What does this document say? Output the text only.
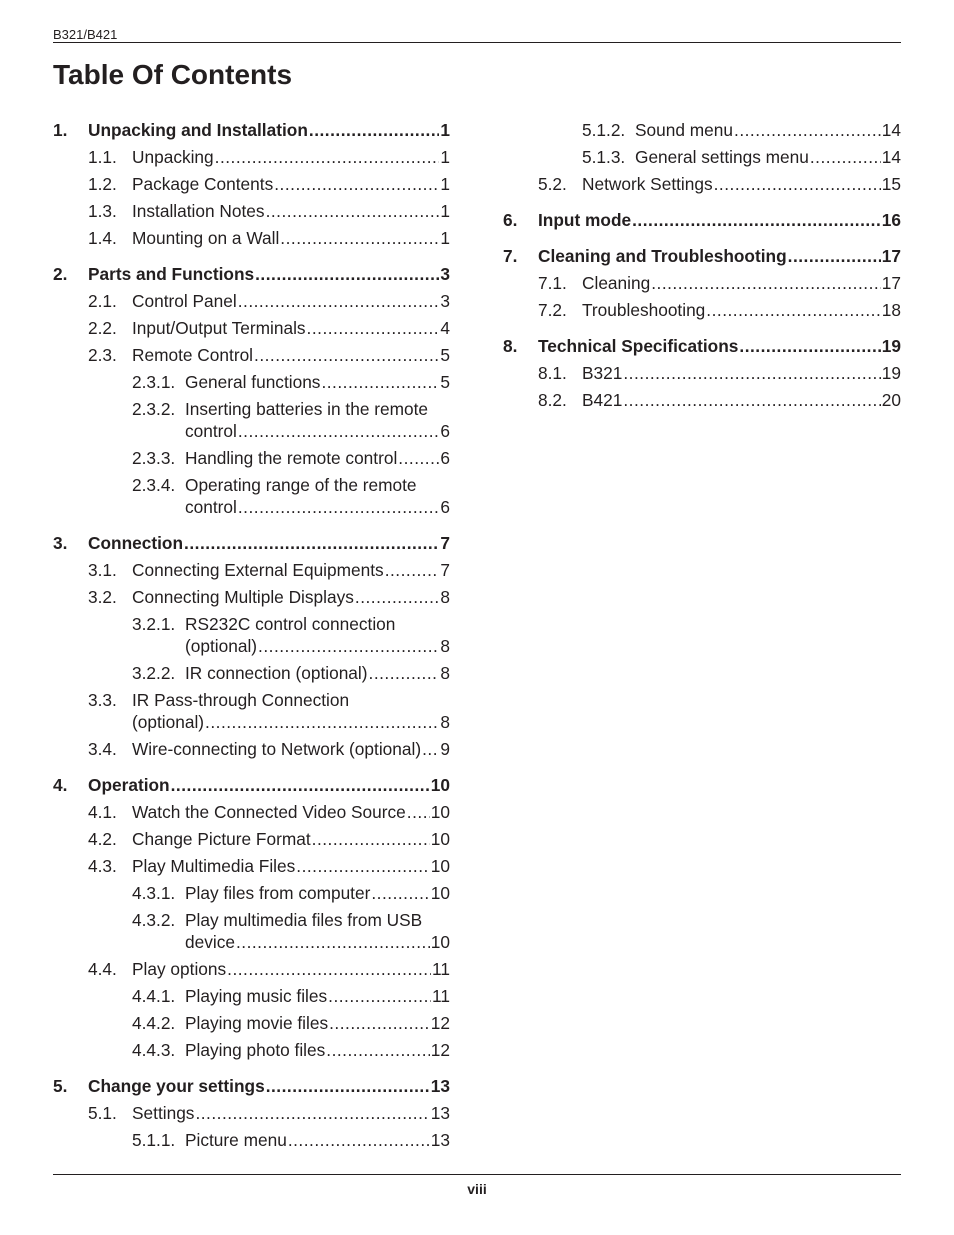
B321/B421
Table Of Contents
1.	Unpacking and Installation .....	1
1.1. Unpacking .....	1
1.2. Package Contents .....	1
1.3. Installation Notes .....	1
1.4. Mounting on a Wall .....	1
2.	Parts and Functions .....	3
2.1. Control Panel .....	3
2.2. Input/Output Terminals .....	4
2.3. Remote Control .....	5
2.3.1. General functions .....	5
2.3.2. Inserting batteries in the remote
control .....	6
2.3.3. Handling the remote control ..... 6
2.3.4. Operating range of the remote
control .....	6
3.	Connection .....	7
3.1. Connecting External Equipments .....	7
3.2. Connecting Multiple Displays .....	8
3.2.1. RS232C control connection
(optional) .....	8
3.2.2. IR connection (optional) .....	8
3.3. IR Pass-through Connection
(optional) .....	8
3.4. Wire-connecting to Network (optional) ..... 9
4.	Operation .....	10
4.1. Watch the Connected Video Source ..... 10
4.2. Change Picture Format .....	10
4.3. Play Multimedia Files .....	10
4.3.1. Play files from computer .....	10
4.3.2. Play multimedia files from USB
device .....	10
4.4. Play options .....	11
4.4.1. Playing music files .....	11
4.4.2. Playing movie files .....	12
4.4.3. Playing photo files .....	12
5.	Change your settings .....	13
5.1. Settings .....	13
5.1.1. Picture menu .....	13
5.1.2. Sound menu .....	14
5.1.3. General settings menu .....	14
5.2. Network Settings .....	15
6.	Input mode .....	16
7.	Cleaning and Troubleshooting .....	17
7.1. Cleaning .....	17
7.2. Troubleshooting .....	18
8.	Technical Specifications .....	19
8.1. B321 .....	19
8.2. B421 .....	20
viii
